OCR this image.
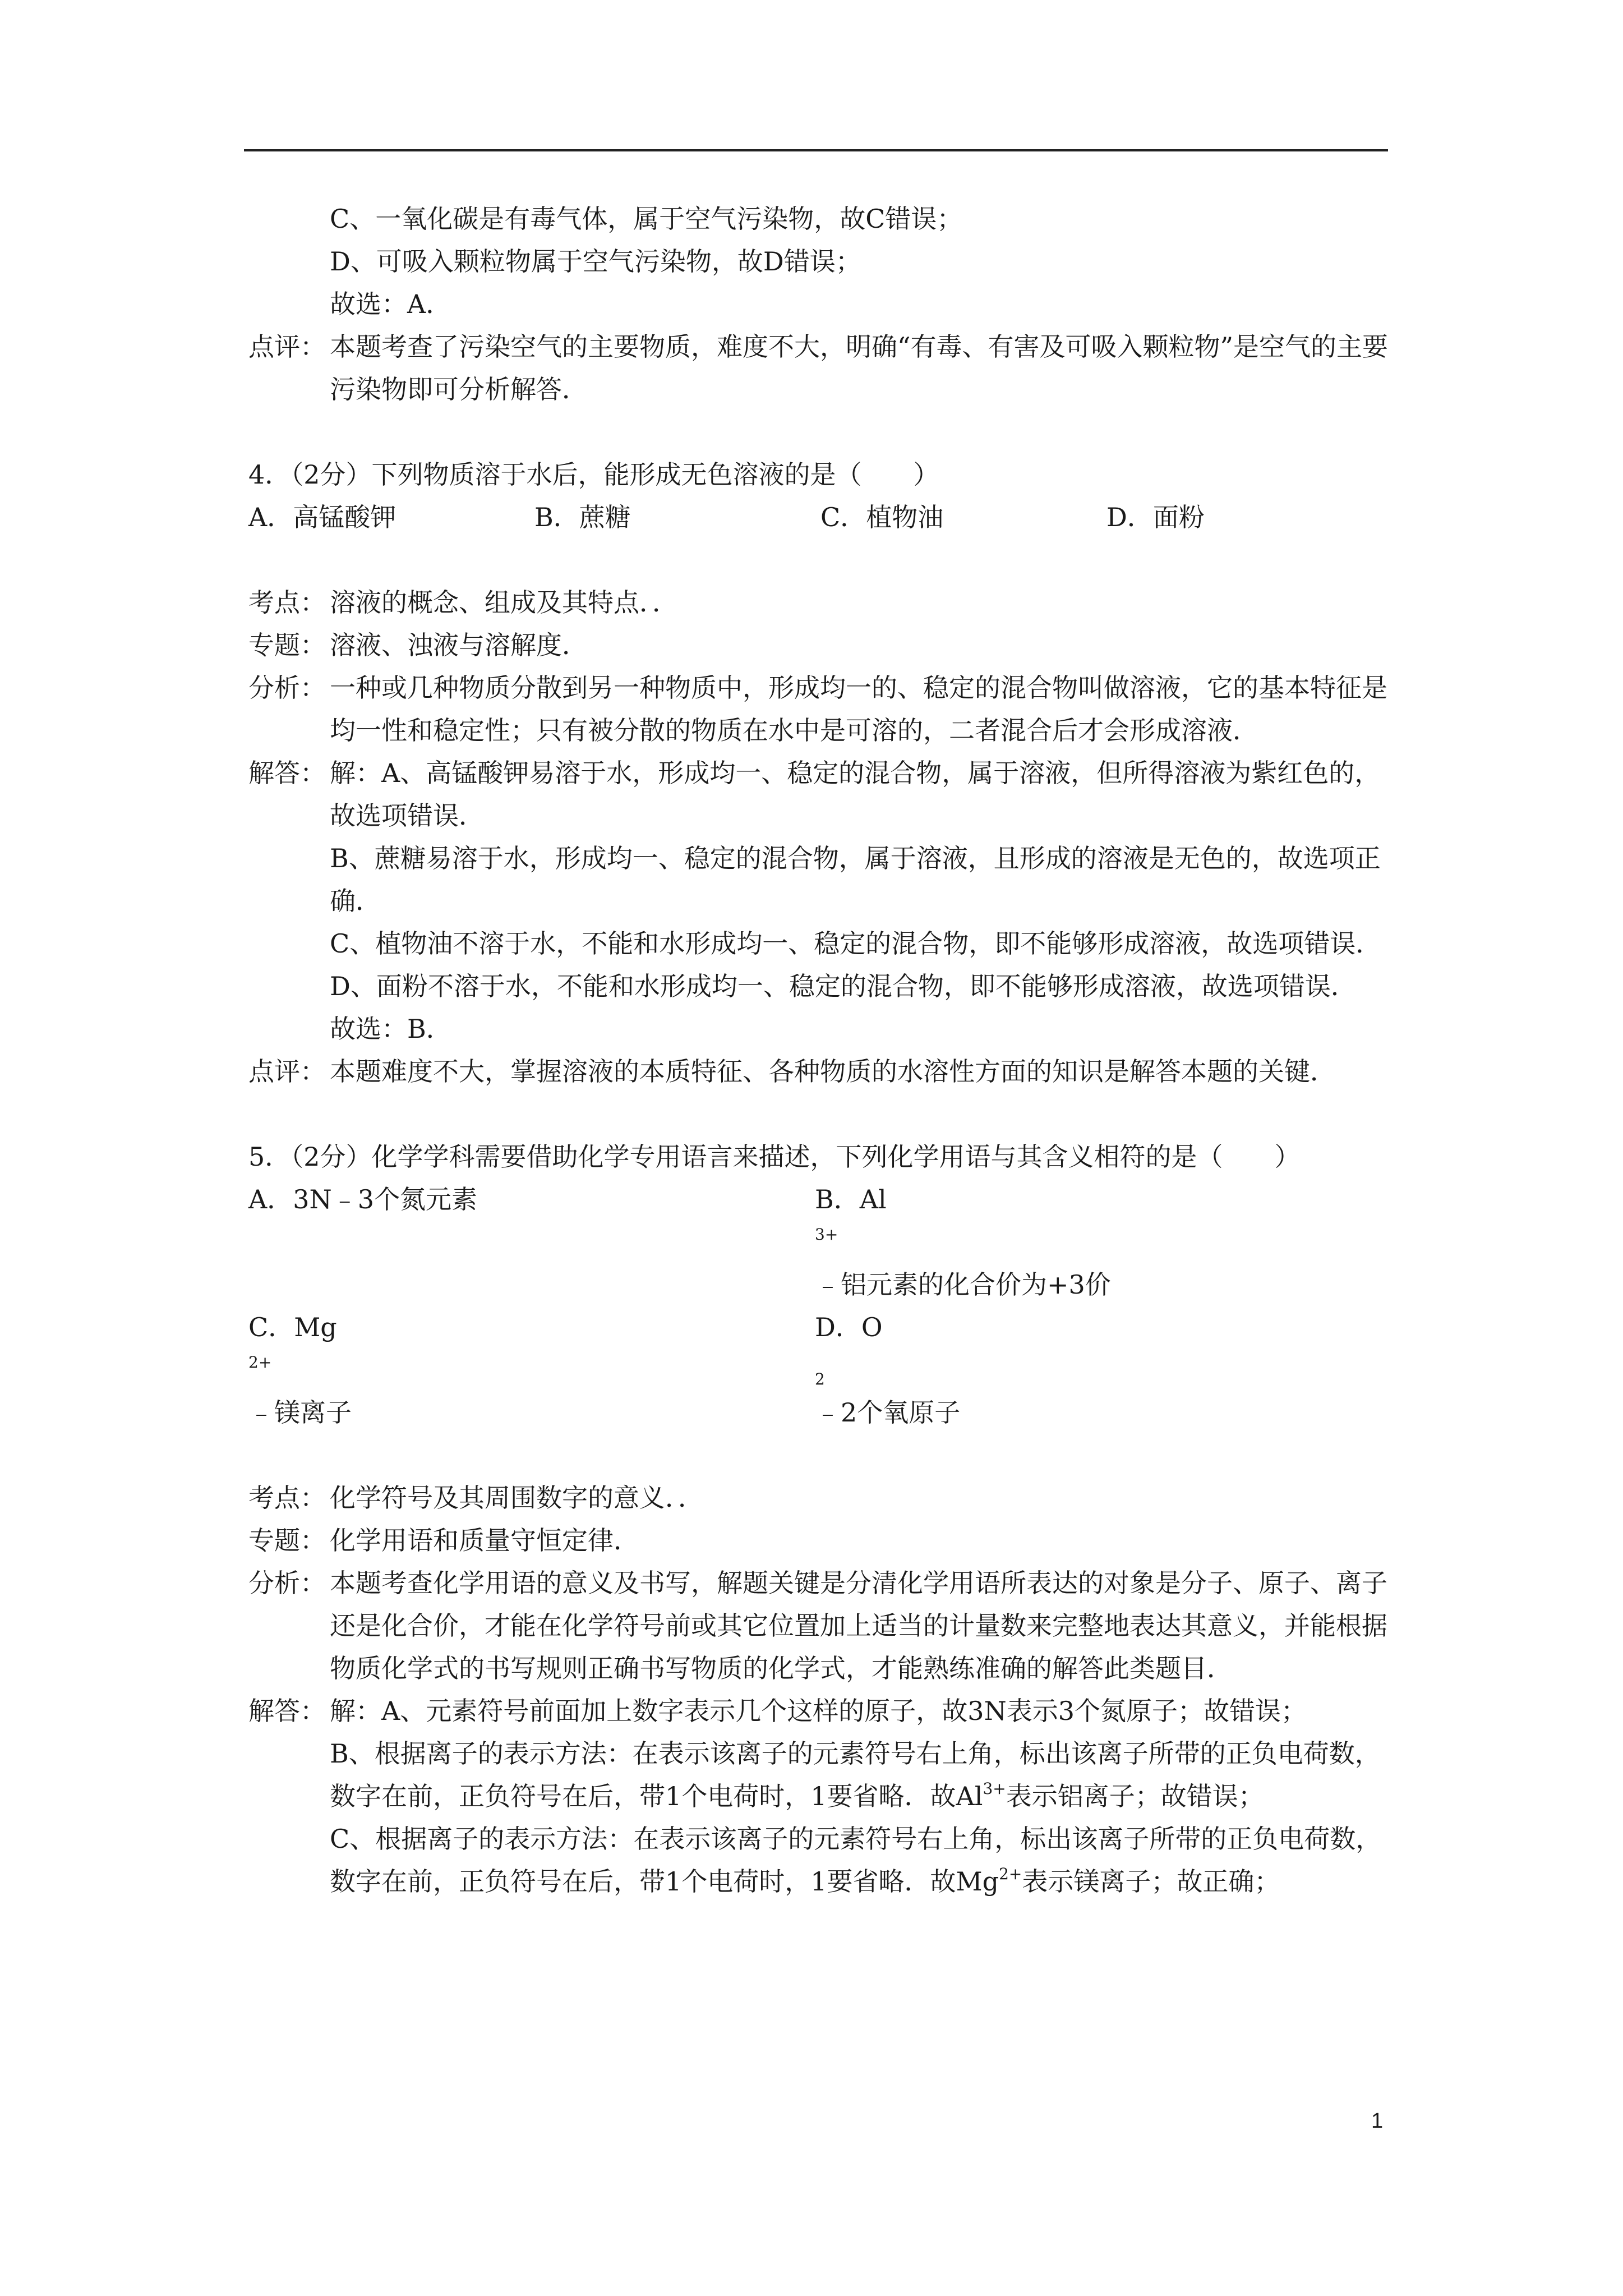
C、一氧化碳是有毒气体，属于空气污染物，故C错误；
D、可吸入颗粒物属于空气污染物，故D错误；
故选：A．
点评： 本题考查了污染空气的主要物质，难度不大，明确“有毒、有害及可吸入颗粒物”是空气的主要污染物即可分析解答．
4．（2分）下列物质溶于水后，能形成无色溶液的是（　　）
A．高锰酸钾	B．蔗糖	C．植物油	D．面粉
考点： 溶液的概念、组成及其特点．．
专题： 溶液、浊液与溶解度．
分析： 一种或几种物质分散到另一种物质中，形成均一的、稳定的混合物叫做溶液，它的基本特征是均一性和稳定性；只有被分散的物质在水中是可溶的，二者混合后才会形成溶液．
解答： 解：A、高锰酸钾易溶于水，形成均一、稳定的混合物，属于溶液，但所得溶液为紫红色的，故选项错误．
B、蔗糖易溶于水，形成均一、稳定的混合物，属于溶液，且形成的溶液是无色的，故选项正确．
C、植物油不溶于水，不能和水形成均一、稳定的混合物，即不能够形成溶液，故选项错误．
D、面粉不溶于水，不能和水形成均一、稳定的混合物，即不能够形成溶液，故选项错误．
故选：B．
点评： 本题难度不大，掌握溶液的本质特征、各种物质的水溶性方面的知识是解答本题的关键．
5．（2分）化学学科需要借助化学专用语言来描述，下列化学用语与其含义相符的是（　　）
A．3N﹣3个氮元素	B．Al
$^{3+}$
﹣铝元素的化合价为+3价
C．Mg
$^{2+}$
﹣镁离子
D．O
$_2$
﹣2个氧原子
考点： 化学符号及其周围数字的意义．．
专题： 化学用语和质量守恒定律．
分析： 本题考查化学用语的意义及书写，解题关键是分清化学用语所表达的对象是分子、原子、离子还是化合价，才能在化学符号前或其它位置加上适当的计量数来完整地表达其意义，并能根据物质化学式的书写规则正确书写物质的化学式，才能熟练准确的解答此类题目．
解答： 解：A、元素符号前面加上数字表示几个这样的原子，故3N表示3个氮原子；故错误；
B、根据离子的表示方法：在表示该离子的元素符号右上角，标出该离子所带的正负电荷数，数字在前，正负符号在后，带1个电荷时，1要省略．故$Al^{3+}$表示铝离子；故错误；
C、根据离子的表示方法：在表示该离子的元素符号右上角，标出该离子所带的正负电荷数，数字在前，正负符号在后，带1个电荷时，1要省略．故$Mg^{2+}$表示镁离子；故正确；
1
